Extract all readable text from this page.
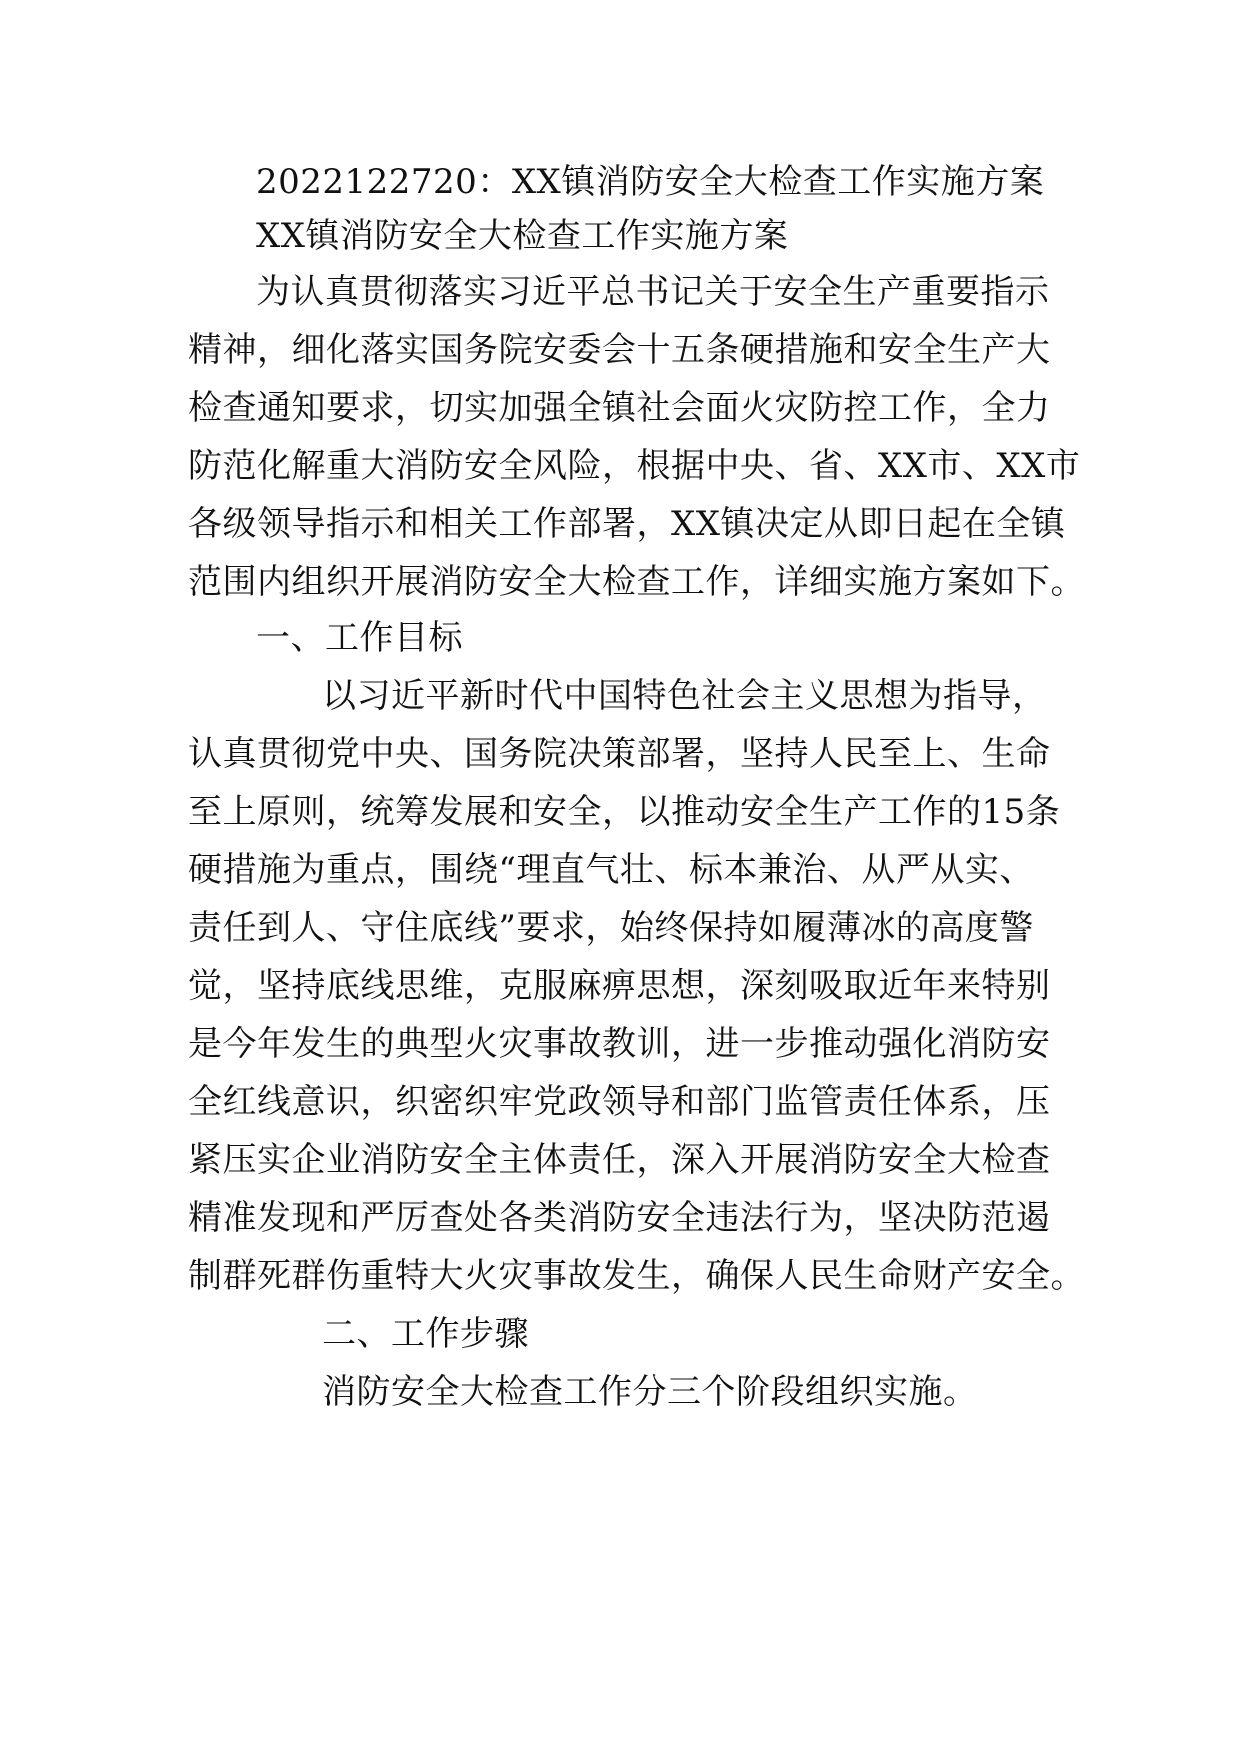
2022122720：XX镇消防安全大检查工作实施方案
XX镇消防安全大检查工作实施方案
为认真贯彻落实习近平总书记关于安全生产重要指示
精神，细化落实国务院安委会十五条硬措施和安全生产大
检查通知要求，切实加强全镇社会面火灾防控工作，全力
防范化解重大消防安全风险，根据中央、省、XX市、XX市
各级领导指示和相关工作部署，XX镇决定从即日起在全镇
范围内组织开展消防安全大检查工作，详细实施方案如下。
一、工作目标
以习近平新时代中国特色社会主义思想为指导，
认真贯彻党中央、国务院决策部署，坚持人民至上、生命
至上原则，统筹发展和安全，以推动安全生产工作的15条
硬措施为重点，围绕“理直气壮、标本兼治、从严从实、
责任到人、守住底线”要求，始终保持如履薄冰的高度警
觉，坚持底线思维，克服麻痹思想，深刻吸取近年来特别
是今年发生的典型火灾事故教训，进一步推动强化消防安
全红线意识，织密织牢党政领导和部门监管责任体系，压
紧压实企业消防安全主体责任，深入开展消防安全大检查
精准发现和严厉查处各类消防安全违法行为，坚决防范遏
制群死群伤重特大火灾事故发生，确保人民生命财产安全。
二、工作步骤
消防安全大检查工作分三个阶段组织实施。
